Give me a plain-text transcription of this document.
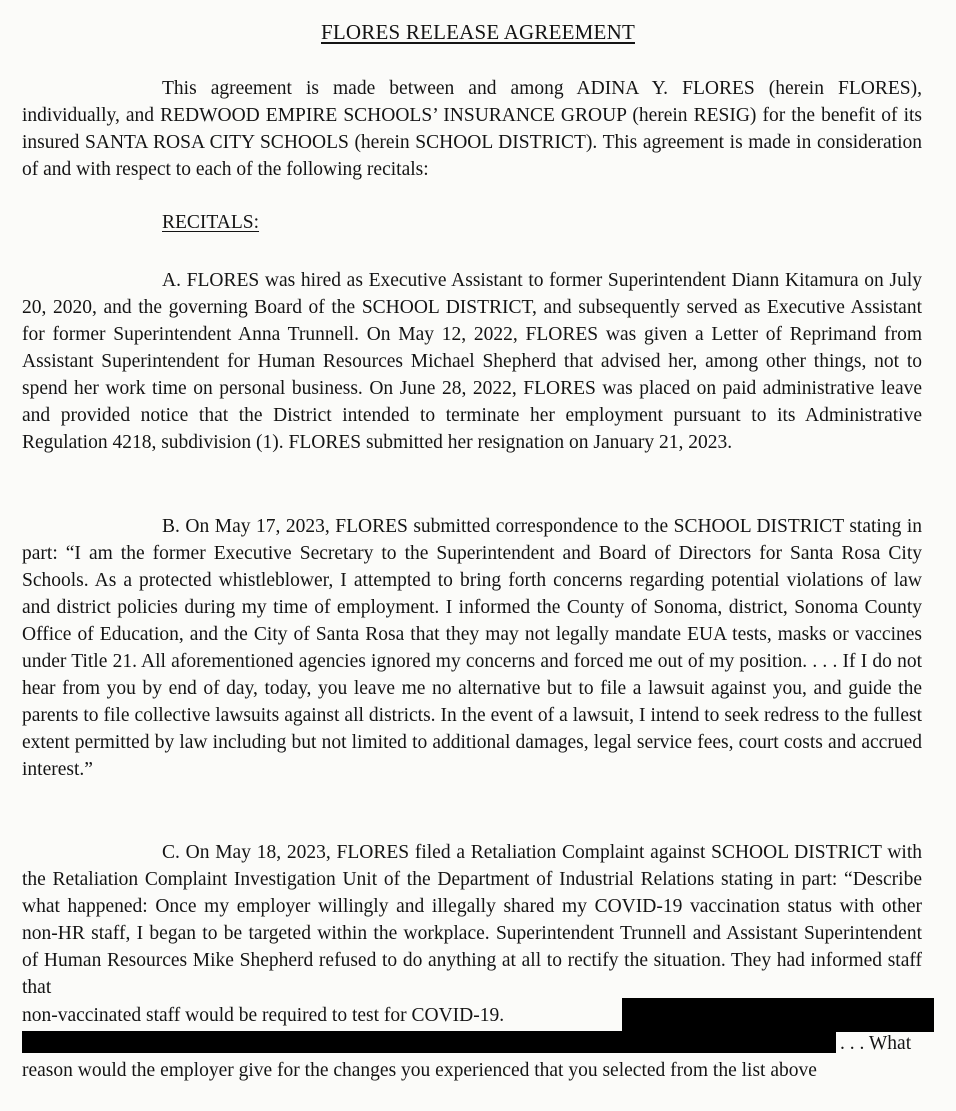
FLORES RELEASE AGREEMENT
This agreement is made between and among ADINA Y. FLORES (herein FLORES), individually, and REDWOOD EMPIRE SCHOOLS’ INSURANCE GROUP (herein RESIG) for the benefit of its insured SANTA ROSA CITY SCHOOLS (herein SCHOOL DISTRICT). This agreement is made in consideration of and with respect to each of the following recitals:
RECITALS:
A. FLORES was hired as Executive Assistant to former Superintendent Diann Kitamura on July 20, 2020, and the governing Board of the SCHOOL DISTRICT, and subsequently served as Executive Assistant for former Superintendent Anna Trunnell. On May 12, 2022, FLORES was given a Letter of Reprimand from Assistant Superintendent for Human Resources Michael Shepherd that advised her, among other things, not to spend her work time on personal business. On June 28, 2022, FLORES was placed on paid administrative leave and provided notice that the District intended to terminate her employment pursuant to its Administrative Regulation 4218, subdivision (1). FLORES submitted her resignation on January 21, 2023.
B. On May 17, 2023, FLORES submitted correspondence to the SCHOOL DISTRICT stating in part: “I am the former Executive Secretary to the Superintendent and Board of Directors for Santa Rosa City Schools. As a protected whistleblower, I attempted to bring forth concerns regarding potential violations of law and district policies during my time of employment. I informed the County of Sonoma, district, Sonoma County Office of Education, and the City of Santa Rosa that they may not legally mandate EUA tests, masks or vaccines under Title 21. All aforementioned agencies ignored my concerns and forced me out of my position. . . . If I do not hear from you by end of day, today, you leave me no alternative but to file a lawsuit against you, and guide the parents to file collective lawsuits against all districts. In the event of a lawsuit, I intend to seek redress to the fullest extent permitted by law including but not limited to additional damages, legal service fees, court costs and accrued interest.”
C. On May 18, 2023, FLORES filed a Retaliation Complaint against SCHOOL DISTRICT with the Retaliation Complaint Investigation Unit of the Department of Industrial Relations stating in part: “Describe what happened: Once my employer willingly and illegally shared my COVID-19 vaccination status with other non-HR staff, I began to be targeted within the workplace. Superintendent Trunnell and Assistant Superintendent of Human Resources Mike Shepherd refused to do anything at all to rectify the situation. They had informed staff that
non-vaccinated staff would be required to test for COVID-19.
. . . What
reason would the employer give for the changes you experienced that you selected from the list above
